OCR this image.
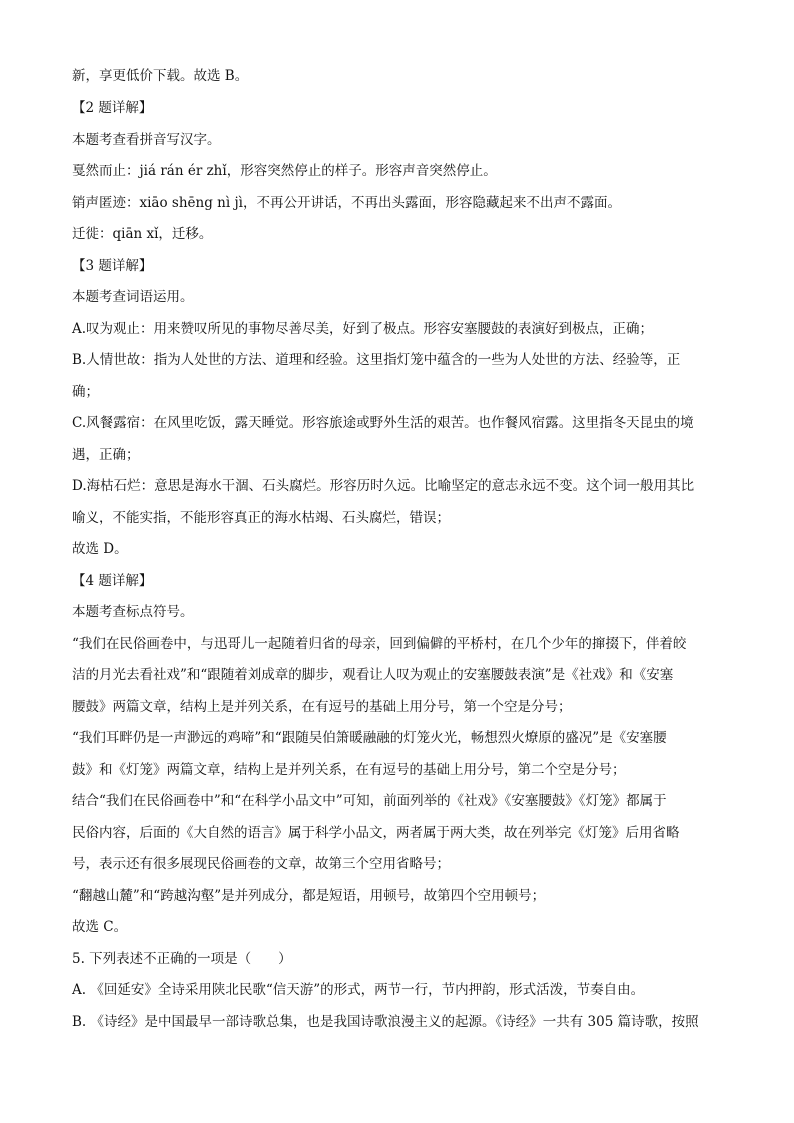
新，享更低价下载。故选 B。
【2 题详解】
本题考查看拼音写汉字。
戛然而止：jiá rán ér zhǐ，形容突然停止的样子。形容声音突然停止。
销声匿迹：xiāo shēng nì jì，不再公开讲话，不再出头露面，形容隐藏起来不出声不露面。
迁徙：qiān xǐ，迁移。
【3 题详解】
本题考查词语运用。
A.叹为观止：用来赞叹所见的事物尽善尽美，好到了极点。形容安塞腰鼓的表演好到极点，正确；
B.人情世故：指为人处世的方法、道理和经验。这里指灯笼中蕴含的一些为人处世的方法、经验等，正
确；
C.风餐露宿：在风里吃饭，露天睡觉。形容旅途或野外生活的艰苦。也作餐风宿露。这里指冬天昆虫的境
遇，正确；
D.海枯石烂：意思是海水干涸、石头腐烂。形容历时久远。比喻坚定的意志永远不变。这个词一般用其比
喻义，不能实指，不能形容真正的海水枯竭、石头腐烂，错误；
故选 D。
【4 题详解】
本题考查标点符号。
“我们在民俗画卷中，与迅哥儿一起随着归省的母亲，回到偏僻的平桥村，在几个少年的撺掇下，伴着皎
洁的月光去看社戏”和“跟随着刘成章的脚步，观看让人叹为观止的安塞腰鼓表演”是《社戏》和《安塞
腰鼓》两篇文章，结构上是并列关系，在有逗号的基础上用分号，第一个空是分号；
“我们耳畔仍是一声渺远的鸡啼”和“跟随吴伯箫暖融融的灯笼火光，畅想烈火燎原的盛况”是《安塞腰
鼓》和《灯笼》两篇文章，结构上是并列关系，在有逗号的基础上用分号，第二个空是分号；
结合“我们在民俗画卷中”和“在科学小品文中”可知，前面列举的《社戏》《安塞腰鼓》《灯笼》都属于
民俗内容，后面的《大自然的语言》属于科学小品文，两者属于两大类，故在列举完《灯笼》后用省略
号，表示还有很多展现民俗画卷的文章，故第三个空用省略号；
“翻越山麓”和“跨越沟壑”是并列成分，都是短语，用顿号，故第四个空用顿号；
故选 C。
5. 下列表述不正确的一项是（　　）
A. 《回延安》全诗采用陕北民歌“信天游”的形式，两节一行，节内押韵，形式活泼，节奏自由。
B. 《诗经》是中国最早一部诗歌总集，也是我国诗歌浪漫主义的起源。《诗经》一共有 305 篇诗歌，按照
